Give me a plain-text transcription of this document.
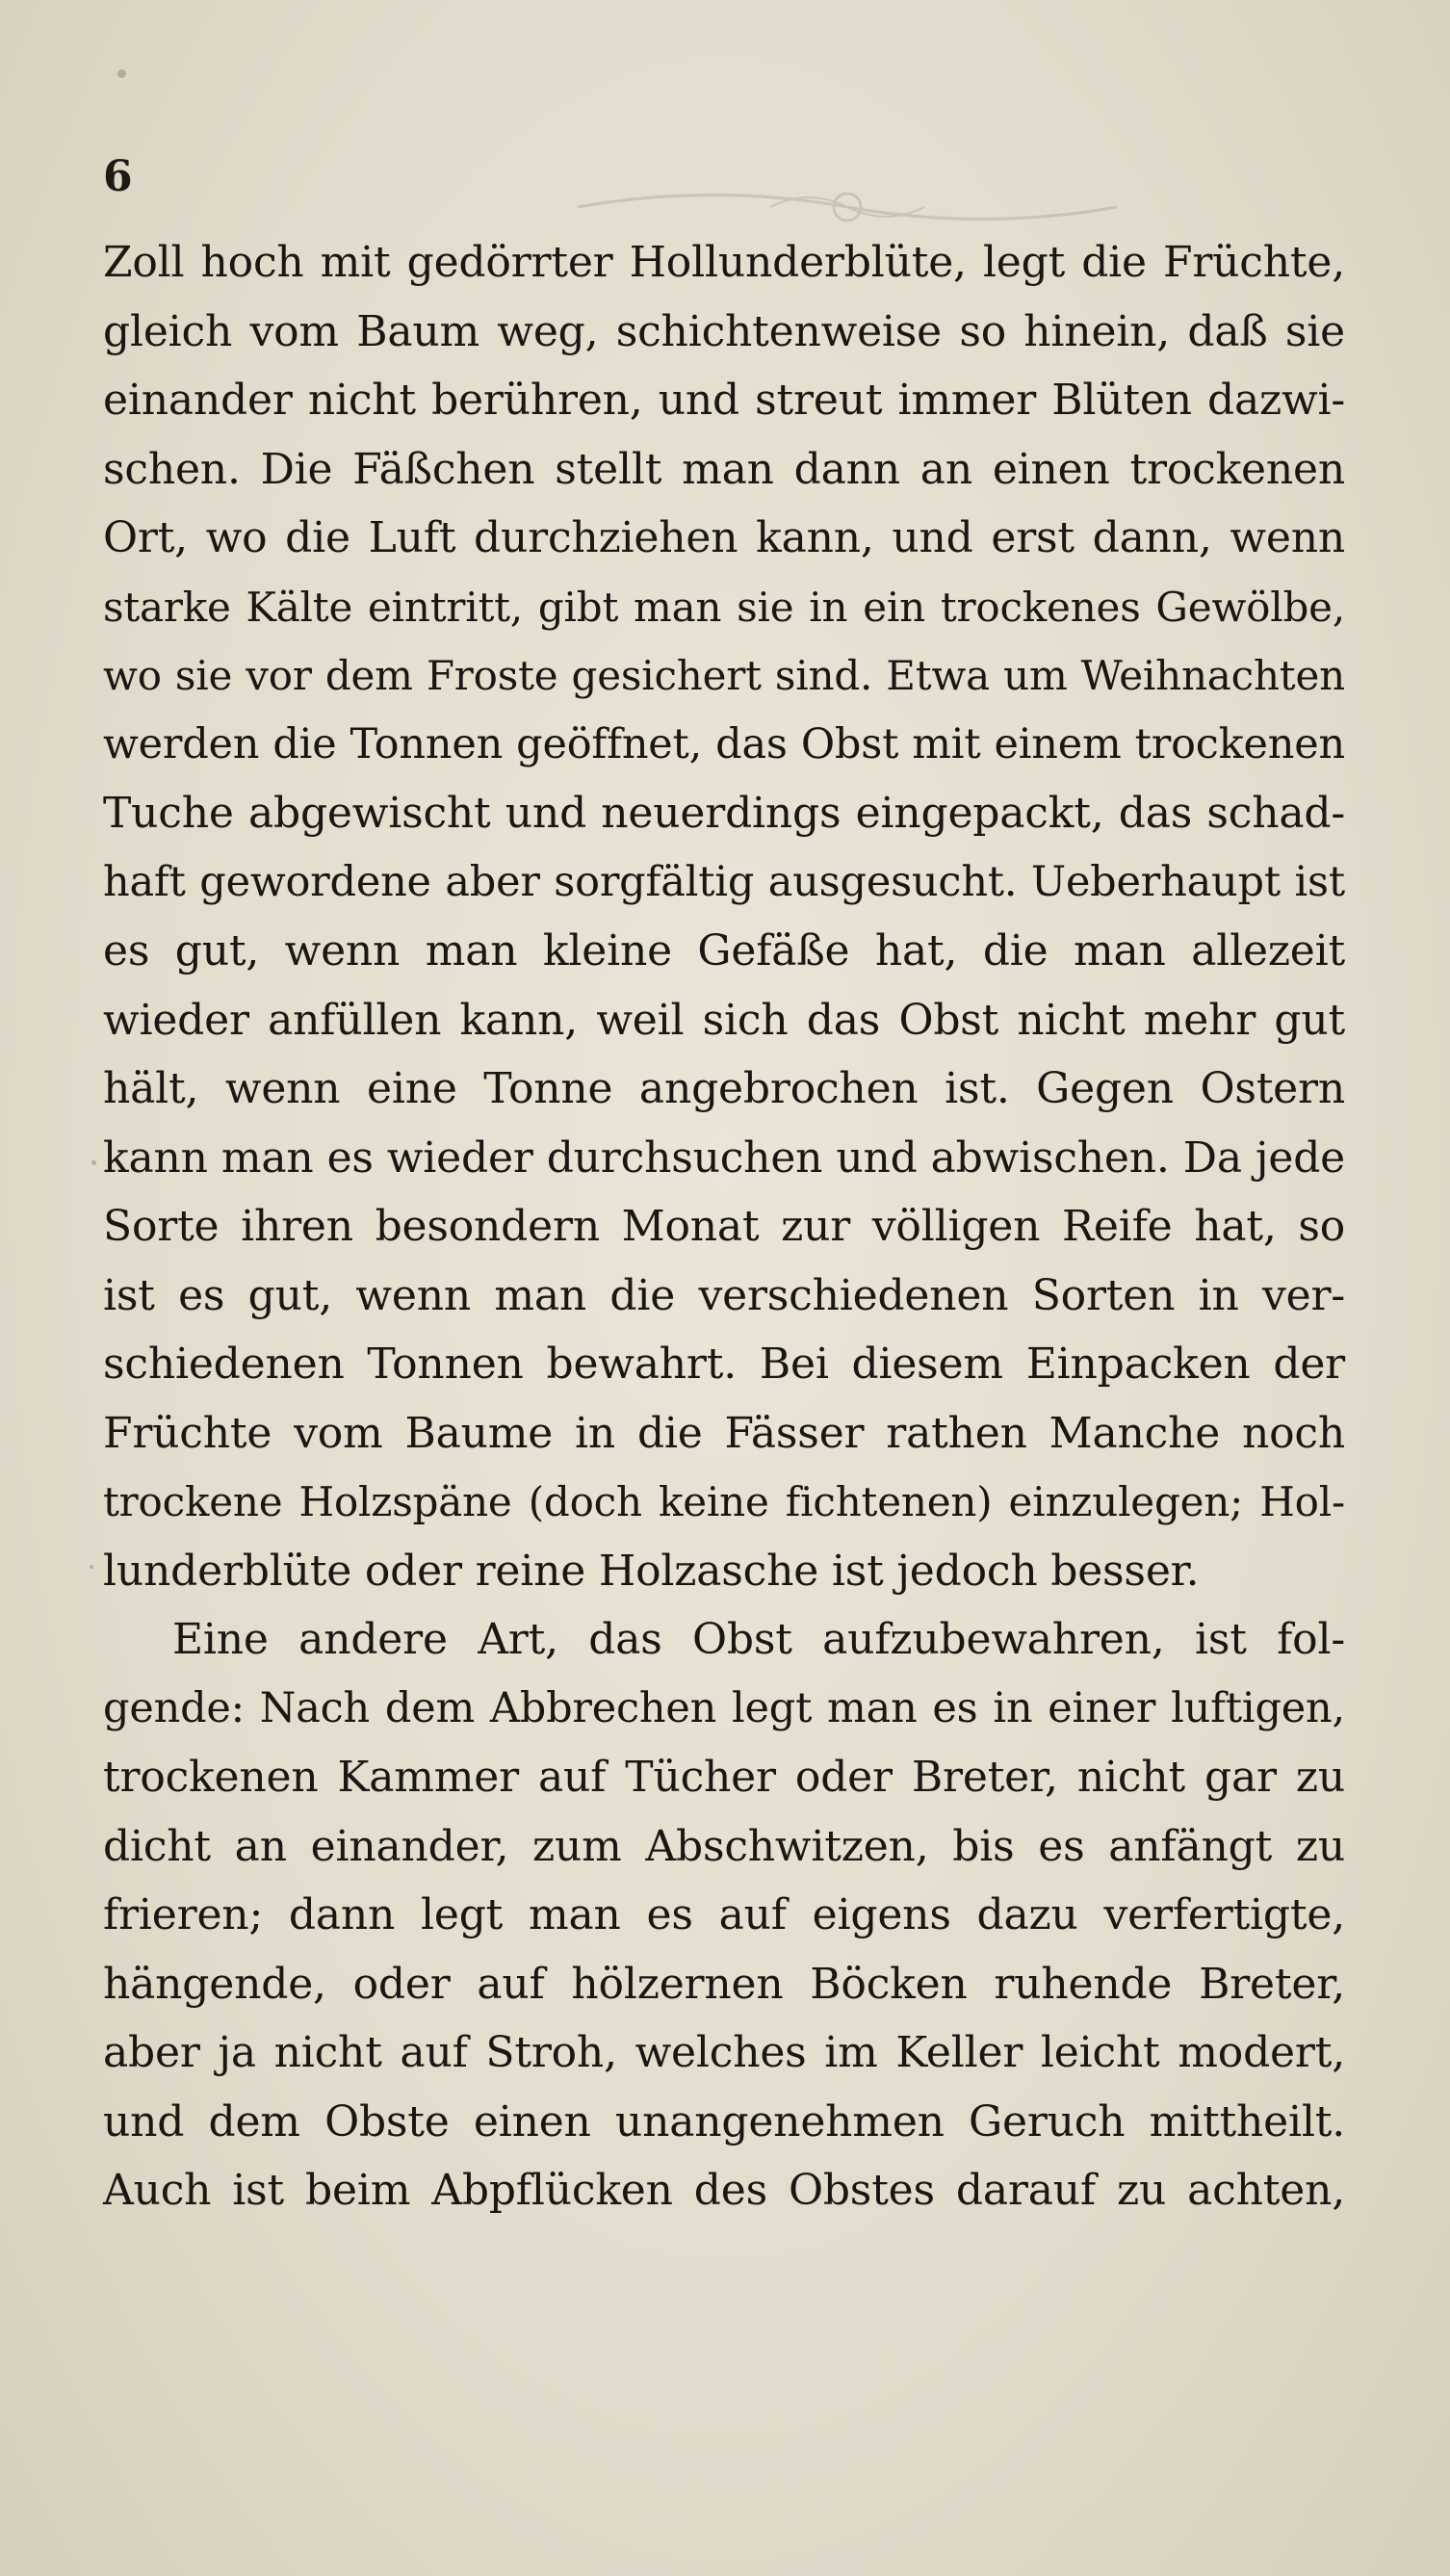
6
Zoll hoch mit gedörrter Hollunderblüte, legt die Früchte,
gleich vom Baum weg, schichtenweise so hinein, daß sie
einander nicht berühren, und streut immer Blüten dazwi-
schen. Die Fäßchen stellt man dann an einen trockenen
Ort, wo die Luft durchziehen kann, und erst dann, wenn
starke Kälte eintritt, gibt man sie in ein trockenes Gewölbe,
wo sie vor dem Froste gesichert sind. Etwa um Weihnachten
werden die Tonnen geöffnet, das Obst mit einem trockenen
Tuche abgewischt und neuerdings eingepackt, das schad-
haft gewordene aber sorgfältig ausgesucht. Ueberhaupt ist
es gut, wenn man kleine Gefäße hat, die man allezeit
wieder anfüllen kann, weil sich das Obst nicht mehr gut
hält, wenn eine Tonne angebrochen ist. Gegen Ostern
kann man es wieder durchsuchen und abwischen. Da jede
Sorte ihren besondern Monat zur völligen Reife hat, so
ist es gut, wenn man die verschiedenen Sorten in ver-
schiedenen Tonnen bewahrt. Bei diesem Einpacken der
Früchte vom Baume in die Fässer rathen Manche noch
trockene Holzspäne (doch keine fichtenen) einzulegen; Hol-
lunderblüte oder reine Holzasche ist jedoch besser.
Eine andere Art, das Obst aufzubewahren, ist fol-
gende: Nach dem Abbrechen legt man es in einer luftigen,
trockenen Kammer auf Tücher oder Breter, nicht gar zu
dicht an einander, zum Abschwitzen, bis es anfängt zu
frieren; dann legt man es auf eigens dazu verfertigte,
hängende, oder auf hölzernen Böcken ruhende Breter,
aber ja nicht auf Stroh, welches im Keller leicht modert,
und dem Obste einen unangenehmen Geruch mittheilt.
Auch ist beim Abpflücken des Obstes darauf zu achten,
